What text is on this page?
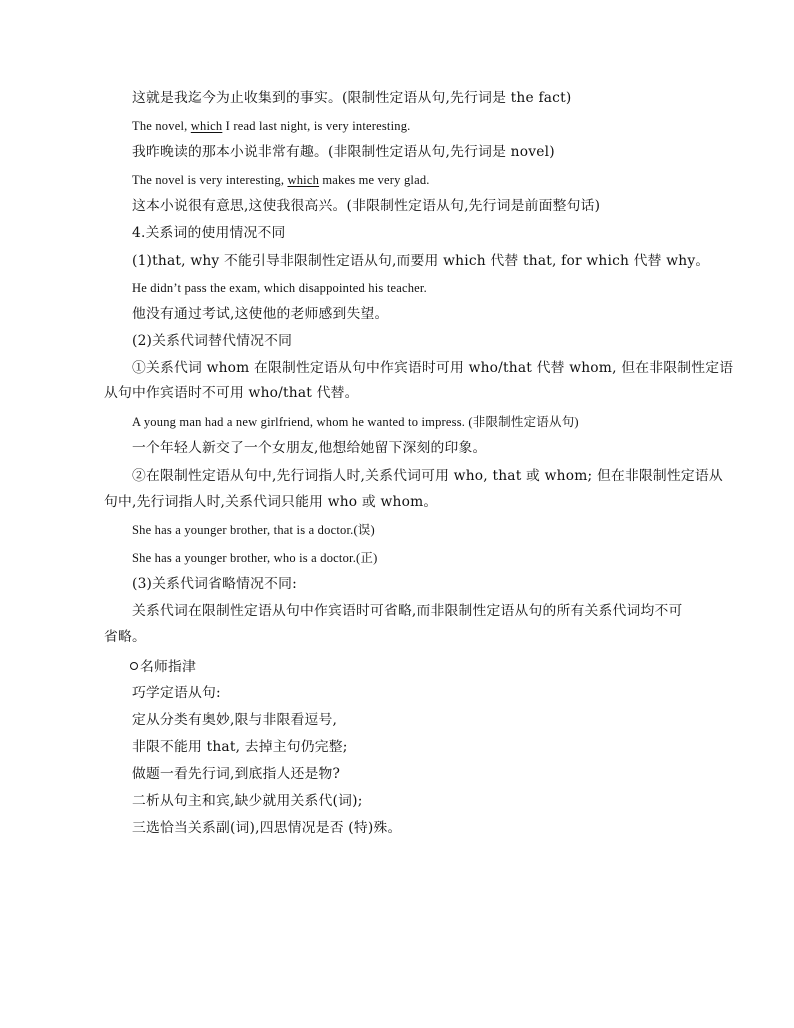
这就是我迄今为止收集到的事实。(限制性定语从句,先行词是 the fact)
The novel, which I read last night, is very interesting.
我昨晚读的那本小说非常有趣。(非限制性定语从句,先行词是 novel)
The novel is very interesting, which makes me very glad.
这本小说很有意思,这使我很高兴。(非限制性定语从句,先行词是前面整句话)
4.关系词的使用情况不同
(1)that, why 不能引导非限制性定语从句,而要用 which 代替 that, for which 代替 why。
He didn’t pass the exam, which disappointed his teacher.
他没有通过考试,这使他的老师感到失望。
(2)关系代词替代情况不同
①关系代词 whom 在限制性定语从句中作宾语时可用 who/that 代替 whom, 但在非限制性定语
从句中作宾语时不可用 who/that 代替。
A young man had a new girlfriend, whom he wanted to impress. (非限制性定语从句)
一个年轻人新交了一个女朋友,他想给她留下深刻的印象。
②在限制性定语从句中,先行词指人时,关系代词可用 who, that 或 whom; 但在非限制性定语从
句中,先行词指人时,关系代词只能用 who 或 whom。
She has a younger brother, that is a doctor.(误)
She has a younger brother, who is a doctor.(正)
(3)关系代词省略情况不同:
关系代词在限制性定语从句中作宾语时可省略,而非限制性定语从句的所有关系代词均不可
省略。
名师指津
巧学定语从句:
定从分类有奥妙,限与非限看逗号,
非限不能用 that, 去掉主句仍完整;
做题一看先行词,到底指人还是物?
二析从句主和宾,缺少就用关系代(词);
三选恰当关系副(词),四思情况是否 (特)殊。
